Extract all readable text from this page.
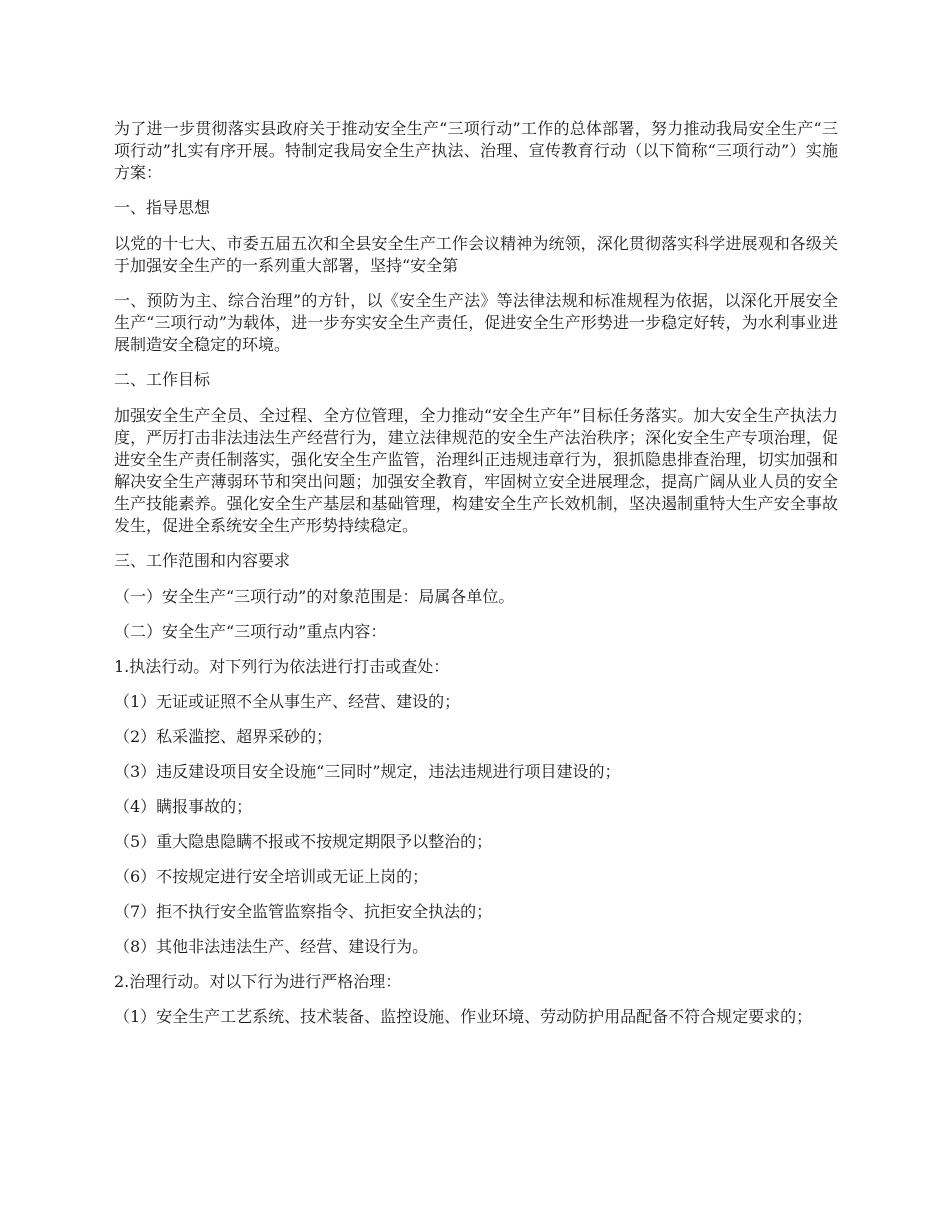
为了进一步贯彻落实县政府关于推动安全生产“三项行动”工作的总体部署，努力推动我局安全生产“三项行动”扎实有序开展。特制定我局安全生产执法、治理、宣传教育行动（以下简称“三项行动”）实施方案：

一、指导思想

以党的十七大、市委五届五次和全县安全生产工作会议精神为统领，深化贯彻落实科学进展观和各级关于加强安全生产的一系列重大部署，坚持“安全第

一、预防为主、综合治理”的方针，以《安全生产法》等法律法规和标准规程为依据，以深化开展安全生产“三项行动”为载体，进一步夯实安全生产责任，促进安全生产形势进一步稳定好转，为水利事业进展制造安全稳定的环境。

二、工作目标

加强安全生产全员、全过程、全方位管理，全力推动“安全生产年”目标任务落实。加大安全生产执法力度，严厉打击非法违法生产经营行为，建立法律规范的安全生产法治秩序；深化安全生产专项治理，促进安全生产责任制落实，强化安全生产监管，治理纠正违规违章行为，狠抓隐患排查治理，切实加强和解决安全生产薄弱环节和突出问题；加强安全教育，牢固树立安全进展理念，提高广阔从业人员的安全生产技能素养。强化安全生产基层和基础管理，构建安全生产长效机制，坚决遏制重特大生产安全事故发生，促进全系统安全生产形势持续稳定。

三、工作范围和内容要求

（一）安全生产“三项行动”的对象范围是：局属各单位。

（二）安全生产“三项行动”重点内容：

1.执法行动。对下列行为依法进行打击或查处：

（1）无证或证照不全从事生产、经营、建设的；

（2）私采滥挖、超界采砂的；

（3）违反建设项目安全设施“三同时”规定，违法违规进行项目建设的；

（4）瞒报事故的；

（5）重大隐患隐瞒不报或不按规定期限予以整治的；

（6）不按规定进行安全培训或无证上岗的；

（7）拒不执行安全监管监察指令、抗拒安全执法的；

（8）其他非法违法生产、经营、建设行为。

2.治理行动。对以下行为进行严格治理：

（1）安全生产工艺系统、技术装备、监控设施、作业环境、劳动防护用品配备不符合规定要求的；
